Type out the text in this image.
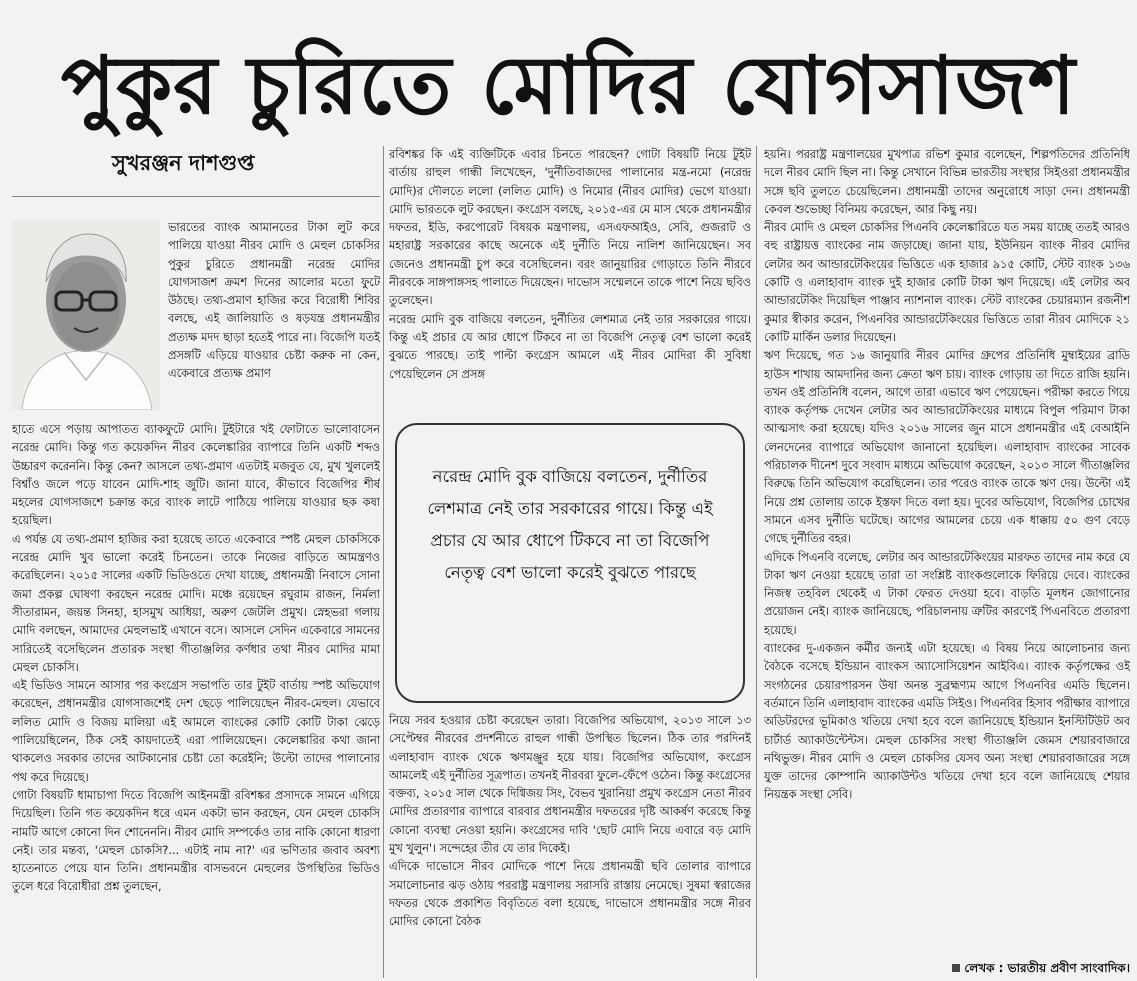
পুকুর চুরিতে মোদির যোগসাজশ
সুখরঞ্জন দাশগুপ্ত

ভারতের ব্যাংক আমানতের টাকা লুট করে পালিয়ে যাওয়া নীরব মোদি ও মেহুল চোকসির পুকুর চুরিতে প্রধানমন্ত্রী নরেন্দ্র মোদির যোগসাজশ ক্রমশ দিনের আলোর মতো ফুটে উঠছে। তথ্য-প্রমাণ হাজির করে বিরোধী শিবির বলছে, এই জালিয়াতি ও ষড়যন্ত্র প্রধানমন্ত্রীর প্রত্যক্ষ মদদ ছাড়া হতেই পারে না। বিজেপি যতই প্রসঙ্গটি এড়িয়ে যাওয়ার চেষ্টা করুক না কেন, একেবারে প্রত্যক্ষ প্রমাণ

হাতে এসে পড়ায় আপাতত ব্যাকফুটে মোদি। টুইটারে খই ফোটাতে ভালোবাসেন নরেন্দ্র মোদি। কিন্তু গত কয়েকদিন নীরব কেলেঙ্কারির ব্যাপারে তিনি একটি শব্দও উচ্চারণ করেননি। কিন্তু কেন? আসলে তথ্য-প্রমাণ এতটাই মজবুত যে, মুখ খুললেই বিশ্বাঁও জলে পড়ে যাবেন মোদি-শাহ জুটি। জানা যাবে, কীভাবে বিজেপির শীর্ষ মহলের যোগসাজশে চক্রান্ত করে ব্যাংক লাটে পাঠিয়ে পালিয়ে যাওয়ার ছক কষা হয়েছিল।

এ পর্যন্ত যে তথ্য-প্রমাণ হাজির করা হয়েছে তাতে একেবারে স্পষ্ট মেহুল চোকসিকে নরেন্দ্র মোদি খুব ভালো করেই চিনতেন। তাকে নিজের বাড়িতে আমন্ত্রণও করেছিলেন। ২০১৫ সালের একটি ভিডিওতে দেখা যাচ্ছে, প্রধানমন্ত্রী নিবাসে সোনা জমা প্রকল্প ঘোষণা করছেন নরেন্দ্র মোদি। মঞ্চে রয়েছেন রঘুরাম রাজন, নির্মলা সীতারামন, জয়ন্ত সিনহা, হাসমুখ আধিয়া, অরুণ জেটলি প্রমুখ। স্নেহভরা গলায় মোদি বলছেন, আমাদের মেহুলভাই এখানে বসে। আসলে সেদিন একেবারে সামনের সারিতেই বসেছিলেন প্রতারক সংস্থা গীতাঞ্জলির কর্ণধার তথা নীরব মোদির মামা মেহুল চোকসি।

এই ভিডিও সামনে আসার পর কংগ্রেস সভাপতি তার টুইট বার্তায় স্পষ্ট অভিযোগ করেছেন, প্রধানমন্ত্রীর যোগসাজশেই দেশ ছেড়ে পালিয়েছেন নীরব-মেহুল। যেভাবে ললিত মোদি ও বিজয় মালিয়া এই আমলে ব্যাংকের কোটি কোটি টাকা ঝেড়ে পালিয়েছিলেন, ঠিক সেই কায়দাতেই এরা পালিয়েছেন। কেলেঙ্কারির কথা জানা থাকলেও সরকার তাদের আটকানোর চেষ্টা তো করেইনি; উল্টো তাদের পালানোর পথ করে দিয়েছে।

গোটা বিষয়টি ধামাচাপা দিতে বিজেপি আইনমন্ত্রী রবিশঙ্কর প্রসাদকে সামনে এগিয়ে দিয়েছিল। তিনি গত কয়েকদিন ধরে এমন একটা ভান করছেন, যেন মেহুল চোকসি নামটি আগে কোনো দিন শোনেননি। নীরব মোদি সম্পর্কেও তার নাকি কোনো ধারণা নেই। তার মন্তব্য, 'মেহুল চোকসি?... এটাই নাম না?' এর ভণিতার জবাব অবশ্য হাতেনাতে পেয়ে যান তিনি। প্রধানমন্ত্রীর বাসভবনে মেহুলের উপস্থিতির ভিডিও তুলে ধরে বিরোধীরা প্রশ্ন তুলছেন,

রবিশঙ্কর কি এই ব্যক্তিটিকে এবার চিনতে পারছেন? গোটা বিষয়টি নিয়ে টুইট বার্তায় রাহুল গান্ধী লিখেছেন, 'দুর্নীতিবাজদের পালানোর মন্ত্র-নমো (নরেন্দ্র মোদি)র দৌলতে ললো (ললিত মোদি) ও নিমোর (নীরব মোদির) ভেগে যাওয়া। মোদি ভারতকে লুট করছেন। কংগ্রেস বলছে, ২০১৫-এর মে মাস থেকে প্রধানমন্ত্রীর দফতর, ইডি, করপোরেট বিষয়ক মন্ত্রণালয়, এসএফআইও, সেবি, গুজরাট ও মহারাষ্ট্র সরকারের কাছে অনেকে এই দুর্নীতি নিয়ে নালিশ জানিয়েছেন। সব জেনেও প্রধানমন্ত্রী চুপ করে বসেছিলেন। বরং জানুয়ারির গোড়াতে তিনি নীরবে নীরবকে সাঙ্গপাঙ্গসহ পালাতে দিয়েছেন। দাভোস সম্মেলনে তাকে পাশে নিয়ে ছবিও তুলেছেন।

নরেন্দ্র মোদি বুক বাজিয়ে বলতেন, দুর্নীতির লেশমাত্র নেই তার সরকারের গায়ে। কিন্তু এই প্রচার যে আর ধোপে টিকবে না তা বিজেপি নেতৃত্ব বেশ ভালো করেই বুঝতে পারছে। তাই পাল্টা কংগ্রেস আমলে এই নীরব মোদিরা কী সুবিধা পেয়েছিলেন সে প্রসঙ্গ

নরেন্দ্র মোদি বুক বাজিয়ে বলতেন, দুর্নীতির লেশমাত্র নেই তার সরকারের গায়ে। কিন্তু এই প্রচার যে আর ধোপে টিকবে না তা বিজেপি নেতৃত্ব বেশ ভালো করেই বুঝতে পারছে

নিয়ে সরব হওয়ার চেষ্টা করেছেন তারা। বিজেপির অভিযোগ, ২০১৩ সালে ১৩ সেপ্টেম্বর নীরবের প্রদর্শনীতে রাহুল গান্ধী উপস্থিত ছিলেন। ঠিক তার পরদিনই এলাহাবাদ ব্যাংক থেকে ঋণমঞ্জুর হয়ে যায়। বিজেপির অভিযোগ, কংগ্রেস আমলেই এই দুর্নীতির সূত্রপাত। তখনই নীরবরা ফুলে-ফেঁপে ওঠেন। কিন্তু কংগ্রেসের বক্তব্য, ২০১৫ সাল থেকে দিগ্বিজয় সিং, বৈভব খুরানিয়া প্রমুখ কংগ্রেস নেতা নীরব মোদির প্রতারণার ব্যাপারে বারবার প্রধানমন্ত্রীর দফতরের দৃষ্টি আকর্ষণ করেছে কিন্তু কোনো ব্যবস্থা নেওয়া হয়নি। কংগ্রেসের দাবি 'ছোট মোদি নিয়ে এবারে বড় মোদি মুখ খুলুন'। সন্দেহের তীর যে তার দিকেই।

এদিকে দাভোসে নীরব মোদিকে পাশে নিয়ে প্রধানমন্ত্রী ছবি তোলার ব্যাপারে সমালোচনার ঝড় ওঠায় পররাষ্ট্র মন্ত্রণালয় সরাসরি রাস্তায় নেমেছে। সুষমা স্বরাজের দফতর থেকে প্রকাশিত বিবৃতিতে বলা হয়েছে, দাভোসে প্রধানমন্ত্রীর সঙ্গে নীরব মোদির কোনো বৈঠক

হয়নি। পররাষ্ট্র মন্ত্রণালয়ের মুখপাত্র রভিশ কুমার বলেছেন, শিল্পপতিদের প্রতিনিধি দলে নীরব মোদি ছিল না। কিন্তু সেখানে বিভিন্ন ভারতীয় সংস্থার সিইওরা প্রধানমন্ত্রীর সঙ্গে ছবি তুলতে চেয়েছিলেন। প্রধানমন্ত্রী তাদের অনুরোধে সাড়া দেন। প্রধানমন্ত্রী কেবল শুভেচ্ছা বিনিময় করেছেন, আর কিছু নয়।

নীরব মোদি ও মেহুল চোকসির পিএনবি কেলেঙ্কারিতে যত সময় যাচ্ছে ততই আরও বহু রাষ্ট্রায়ত্ত ব্যাংকের নাম জড়াচ্ছে। জানা যায়, ইউনিয়ন ব্যাংক নীরব মোদির লেটার অব আন্ডারটেকিংয়ের ভিত্তিতে এক হাজার ৯১৫ কোটি, স্টেট ব্যাংক ১৩৬ কোটি ও এলাহাবাদ ব্যাংক দুই হাজার কোটি টাকা ঋণ দিয়েছে। এই লেটার অব আন্ডারটেকিং দিয়েছিল পাঞ্জাব ন্যাশনাল ব্যাংক। স্টেট ব্যাংকের চেয়ারম্যান রজনীশ কুমার স্বীকার করেন, পিএনবির আন্ডারটেকিংয়ের ভিত্তিতে তারা নীরব মোদিকে ২১ কোটি মার্কিন ডলার দিয়েছেন।

ঋণ দিয়েছে, গত ১৬ জানুয়ারি নীরব মোদির গ্রুপের প্রতিনিধি মুম্বাইয়ের ব্রাডি হাউস শাখায় আমদানির জন্য ক্রেতা ঋণ চায়। ব্যাংক গোড়ায় তা দিতে রাজি হয়নি। তখন ওই প্রতিনিধি বলেন, আগে তারা এভাবে ঋণ পেয়েছেন। পরীক্ষা করতে গিয়ে ব্যাংক কর্তৃপক্ষ দেখেন লেটার অব আন্ডারটেকিংয়ের মাধ্যমে বিপুল পরিমাণ টাকা আত্মসাৎ করা হয়েছে। যদিও ২০১৬ সালের জুন মাসে প্রধানমন্ত্রীর এই বেআইনি লেনদেনের ব্যাপারে অভিযোগ জানানো হয়েছিল। এলাহাবাদ ব্যাংকের সাবেক পরিচালক দীনেশ দুবে সংবাদ মাধ্যমে অভিযোগ করেছেন, ২০১৩ সালে গীতাঞ্জলির বিরুদ্ধে তিনি অভিযোগ করেছিলেন। তার পরেও ব্যাংক তাকে ঋণ দেয়। উল্টো এই নিয়ে প্রশ্ন তোলায় তাকে ইস্তফা দিতে বলা হয়। দুবের অভিযোগ, বিজেপির চোখের সামনে এসব দুর্নীতি ঘটেছে। আগের আমলের চেয়ে এক ধাক্কায় ৫০ গুণ বেড়ে গেছে দুর্নীতির বহর।

এদিকে পিএনবি বলেছে, লেটার অব আন্ডারটেকিংয়ের মারফত তাদের নাম করে যে টাকা ঋণ নেওয়া হয়েছে তারা তা সংশ্লিষ্ট ব্যাংকগুলোকে ফিরিয়ে দেবে। ব্যাংকের নিজস্ব তহবিল থেকেই এ টাকা ফেরত দেওয়া হবে। বাড়তি মূলধন জোগানোর প্রয়োজন নেই। ব্যাংক জানিয়েছে, পরিচালনায় ত্রুটির কারণেই পিএনবিতে প্রতারণা হয়েছে।

ব্যাংকের দু-একজন কর্মীর জন্যই এটা হয়েছে। এ বিষয় নিয়ে আলোচনার জন্য বৈঠকে বসেছে ইন্ডিয়ান ব্যাংকস অ্যাসোসিয়েশন আইবিএ। ব্যাংক কর্তৃপক্ষের ওই সংগঠনের চেয়ারপারসন উষা অনন্ত সুব্রহ্মণ্যম আগে পিএনবির এমডি ছিলেন। বর্তমানে তিনি এলাহাবাদ ব্যাংকের এমডি সিইও। পিএনবির হিসাব পরীক্ষার ব্যাপারে অডিটরদের ভূমিকাও খতিয়ে দেখা হবে বলে জানিয়েছে ইন্ডিয়ান ইনস্টিটিউট অব চার্টার্ড অ্যাকাউন্টেন্টস। মেহুল চোকসির সংস্থা গীতাঞ্জলি জেমস শেয়ারবাজারে নথিভুক্ত। নীরব মোদি ও মেহুল চোকসির যেসব অন্য সংস্থা শেয়ারবাজারের সঙ্গে যুক্ত তাদের কোম্পানি অ্যাকাউন্টও খতিয়ে দেখা হবে বলে জানিয়েছে শেয়ার নিয়ন্ত্রক সংস্থা সেবি।

লেখক : ভারতীয় প্রবীণ সাংবাদিক।
